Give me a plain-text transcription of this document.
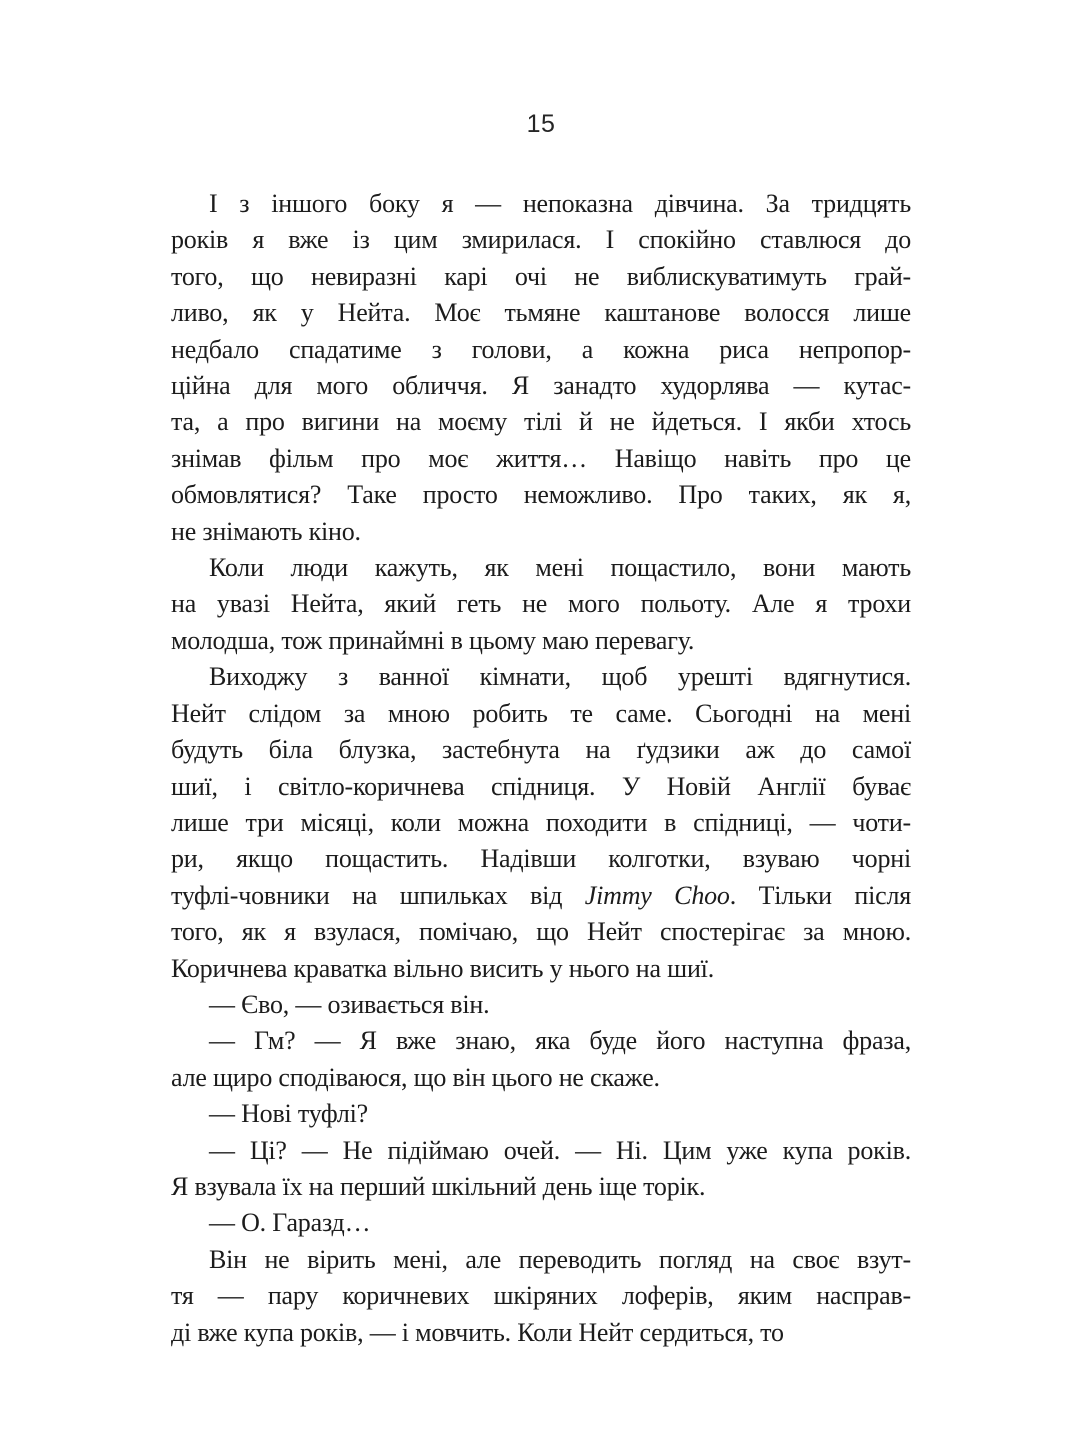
15
І з іншого боку я — непоказна дівчина. За тридцять
років я вже із цим змирилася. І спокійно ставлюся до
того, що невиразні карі очі не виблискуватимуть грай-
ливо, як у Нейта. Моє тьмяне каштанове волосся лише
недбало спадатиме з голови, а кожна риса непропор-
ційна для мого обличчя. Я занадто худорлява — кутас-
та, а про вигини на моєму тілі й не йдеться. І якби хтось
знімав фільм про моє життя… Навіщо навіть про це
обмовлятися? Таке просто неможливо. Про таких, як я,
не знімають кіно.
Коли люди кажуть, як мені пощастило, вони мають
на увазі Нейта, який геть не мого польоту. Але я трохи
молодша, тож принаймні в цьому маю перевагу.
Виходжу з ванної кімнати, щоб урешті вдягнутися.
Нейт слідом за мною робить те саме. Сьогодні на мені
будуть біла блузка, застебнута на ґудзики аж до самої
шиї, і світло-коричнева спідниця. У Новій Англії буває
лише три місяці, коли можна походити в спідниці, — чоти-
ри, якщо пощастить. Надівши колготки, взуваю чорні
туфлі-човники на шпильках від Jimmy Choo. Тільки після
того, як я взулася, помічаю, що Нейт спостерігає за мною.
Коричнева краватка вільно висить у нього на шиї.
— Єво, — озивається він.
— Гм? — Я вже знаю, яка буде його наступна фраза,
але щиро сподіваюся, що він цього не скаже.
— Нові туфлі?
— Ці? — Не підіймаю очей. — Ні. Цим уже купа років.
Я взувала їх на перший шкільний день іще торік.
— О. Гаразд…
Він не вірить мені, але переводить погляд на своє взут-
тя — пару коричневих шкіряних лоферів, яким насправ-
ді вже купа років, — і мовчить. Коли Нейт сердиться, то
